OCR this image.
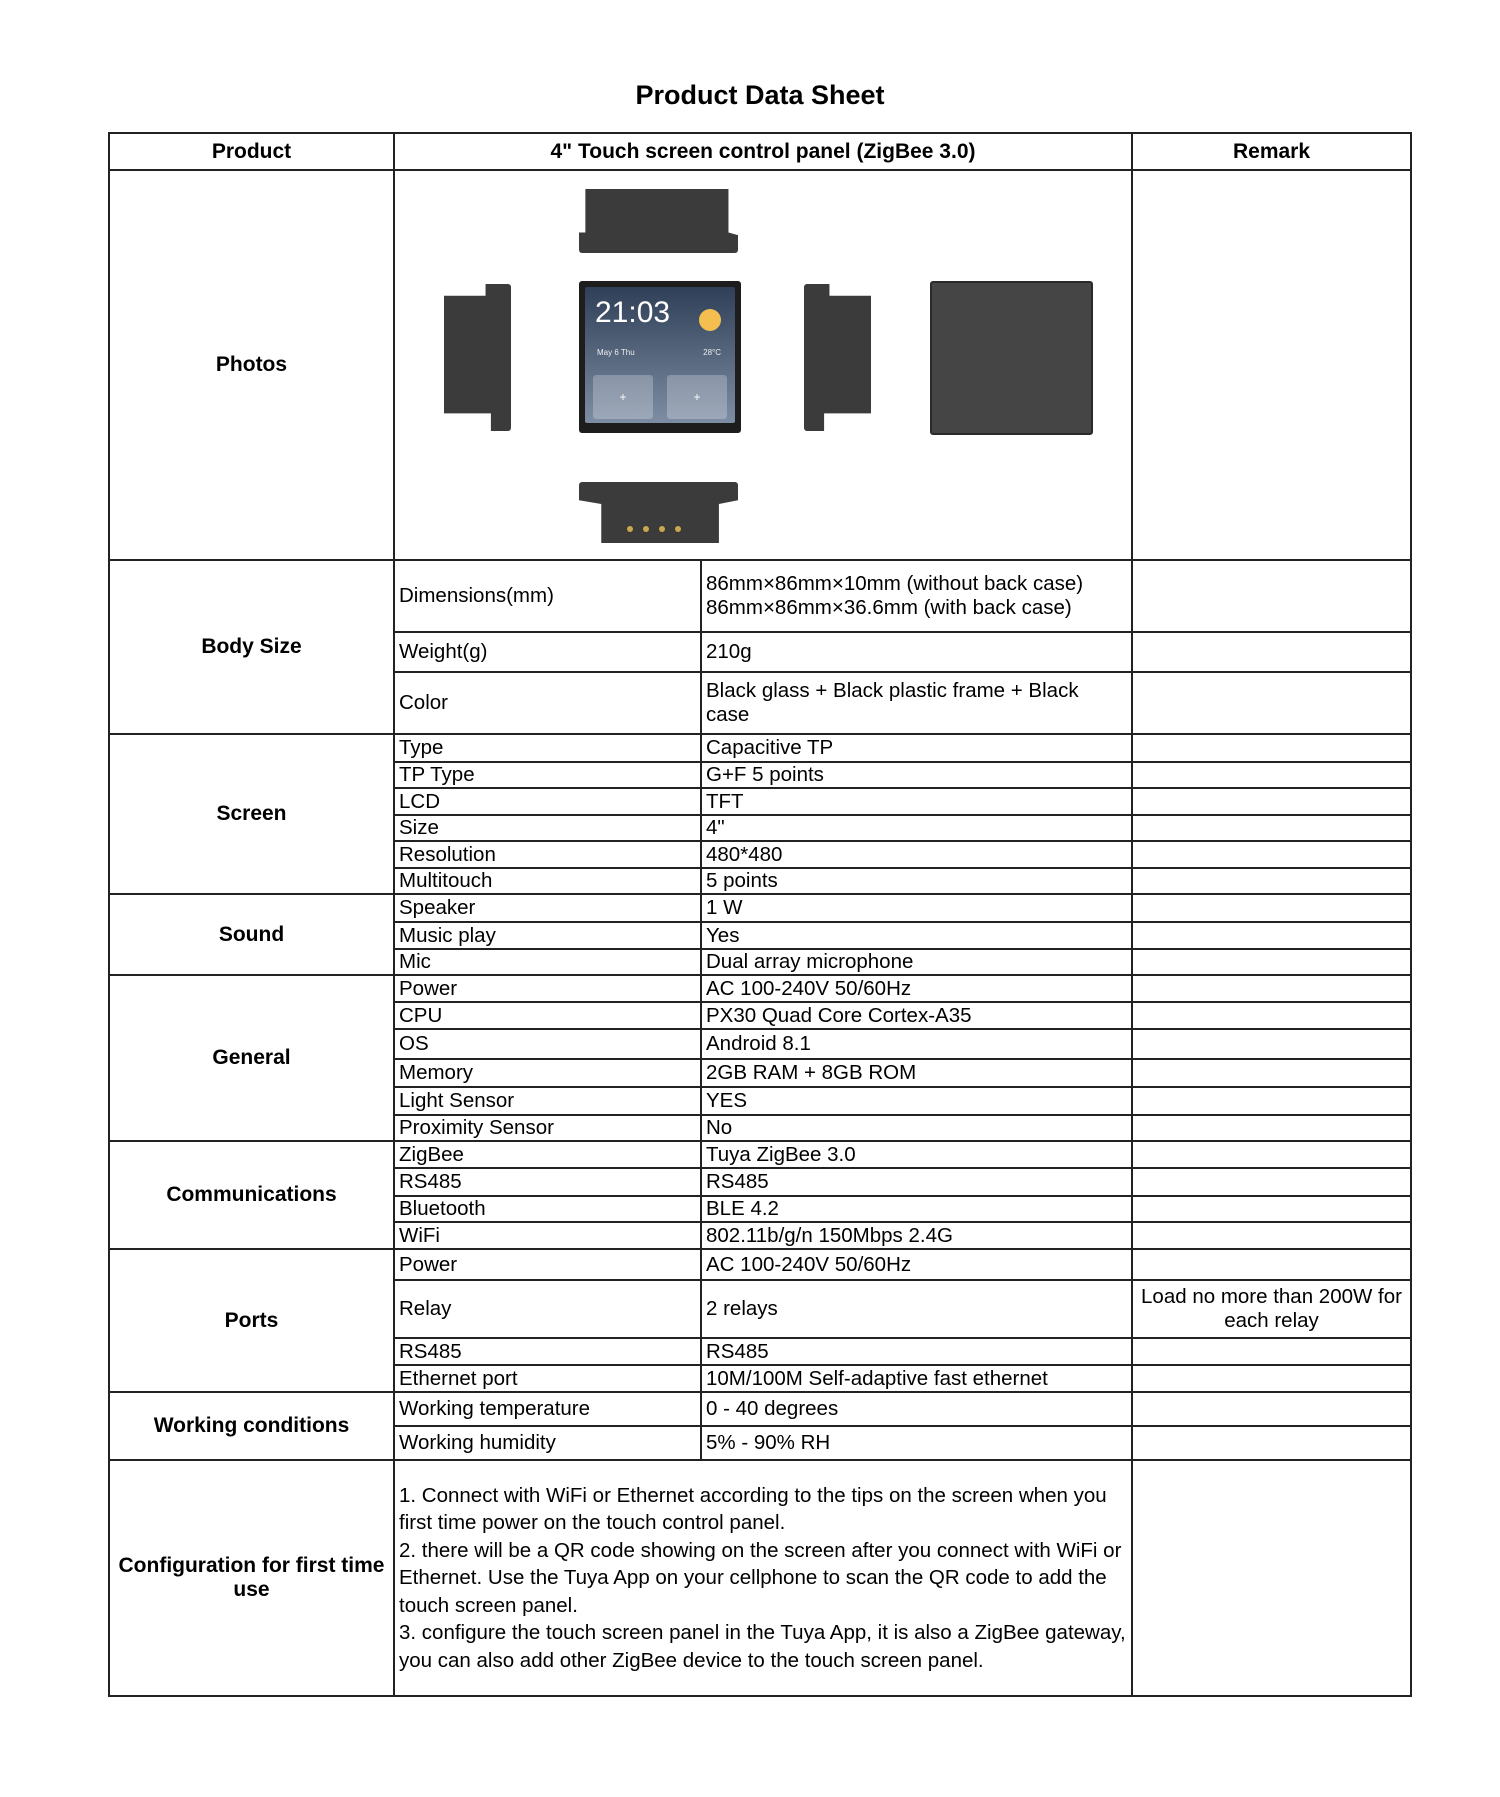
Product Data Sheet
Product	4" Touch screen control panel (ZigBee 3.0)		Remark
Photos	21:03
May 6 Thu 28°C
+ +		

Body Size	Dimensions(mm)	86mm×86mm×10mm (without back case)
86mm×86mm×36.6mm (with back case)	
	Weight(g)	210g	
	Color	Black glass + Black plastic frame + Black case	
Screen	Type	Capacitive TP	
	TP Type	G+F 5 points	
	LCD	TFT	
	Size	4"	
	Resolution	480*480	
	Multitouch	5 points	
Sound	Speaker	1 W	
	Music play	Yes	
	Mic	Dual array microphone	
General	Power	AC 100-240V 50/60Hz	
	CPU	PX30 Quad Core Cortex-A35	
	OS	Android 8.1	
	Memory	2GB RAM + 8GB ROM	
	Light Sensor	YES	
	Proximity Sensor	No	
Communications	ZigBee	Tuya ZigBee 3.0	
	RS485	RS485	
	Bluetooth	BLE 4.2	
	WiFi	802.11b/g/n 150Mbps 2.4G	
Ports	Power	AC 100-240V 50/60Hz	
	Relay	2 relays	Load no more than 200W for each relay
	RS485	RS485	
	Ethernet port	10M/100M Self-adaptive fast ethernet	
Working conditions	Working temperature	0 - 40 degrees	
	Working humidity	5% - 90% RH	
Configuration for first time use	1. Connect with WiFi or Ethernet according to the tips on the screen when you first time power on the touch control panel.
2. there will be a QR code showing on the screen after you connect with WiFi or Ethernet. Use the Tuya App on your cellphone to scan the QR code to add the touch screen panel.
3. configure the touch screen panel in the Tuya App, it is also a ZigBee gateway, you can also add other ZigBee device to the touch screen panel.		
